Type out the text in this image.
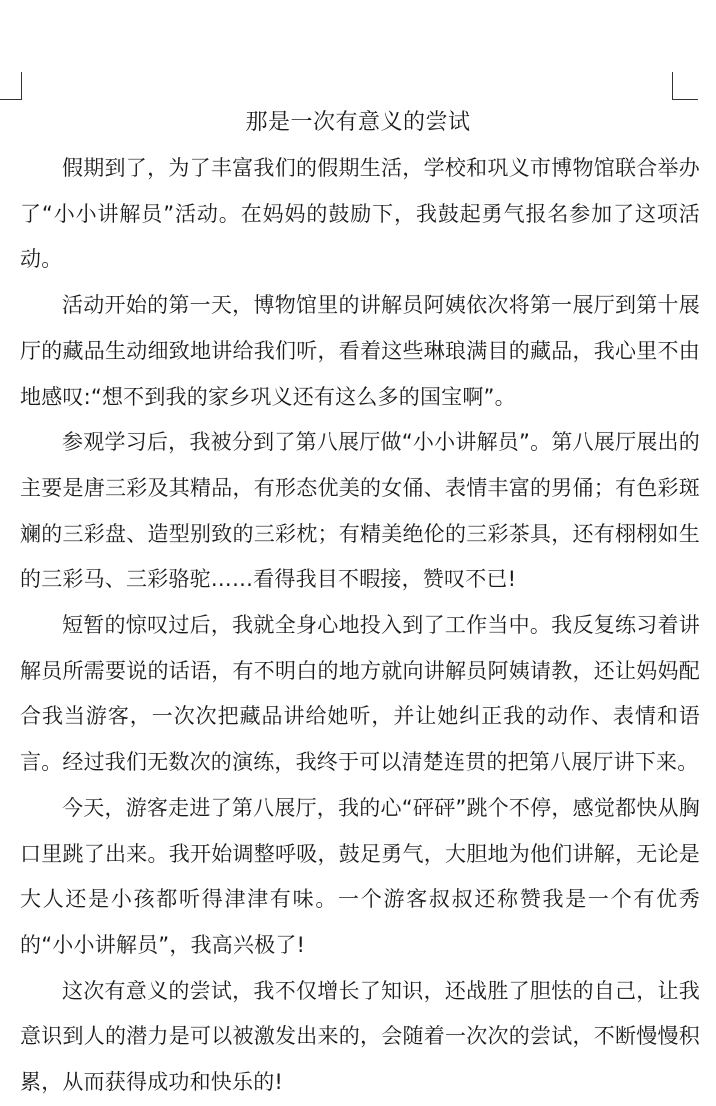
那是一次有意义的尝试

假期到了，为了丰富我们的假期生活，学校和巩义市博物馆联合举办了“小小讲解员”活动。在妈妈的鼓励下，我鼓起勇气报名参加了这项活动。

活动开始的第一天，博物馆里的讲解员阿姨依次将第一展厅到第十展厅的藏品生动细致地讲给我们听，看着这些琳琅满目的藏品，我心里不由地感叹:“想不到我的家乡巩义还有这么多的国宝啊”。

参观学习后，我被分到了第八展厅做“小小讲解员”。第八展厅展出的主要是唐三彩及其精品，有形态优美的女俑、表情丰富的男俑；有色彩斑斓的三彩盘、造型别致的三彩枕；有精美绝伦的三彩茶具，还有栩栩如生的三彩马、三彩骆驼……看得我目不暇接，赞叹不已!

短暂的惊叹过后，我就全身心地投入到了工作当中。我反复练习着讲解员所需要说的话语，有不明白的地方就向讲解员阿姨请教，还让妈妈配合我当游客，一次次把藏品讲给她听，并让她纠正我的动作、表情和语言。经过我们无数次的演练，我终于可以清楚连贯的把第八展厅讲下来。

今天，游客走进了第八展厅，我的心“砰砰”跳个不停，感觉都快从胸口里跳了出来。我开始调整呼吸，鼓足勇气，大胆地为他们讲解，无论是大人还是小孩都听得津津有味。一个游客叔叔还称赞我是一个有优秀的“小小讲解员”，我高兴极了!

这次有意义的尝试，我不仅增长了知识，还战胜了胆怯的自己，让我意识到人的潜力是可以被激发出来的，会随着一次次的尝试，不断慢慢积累，从而获得成功和快乐的!
